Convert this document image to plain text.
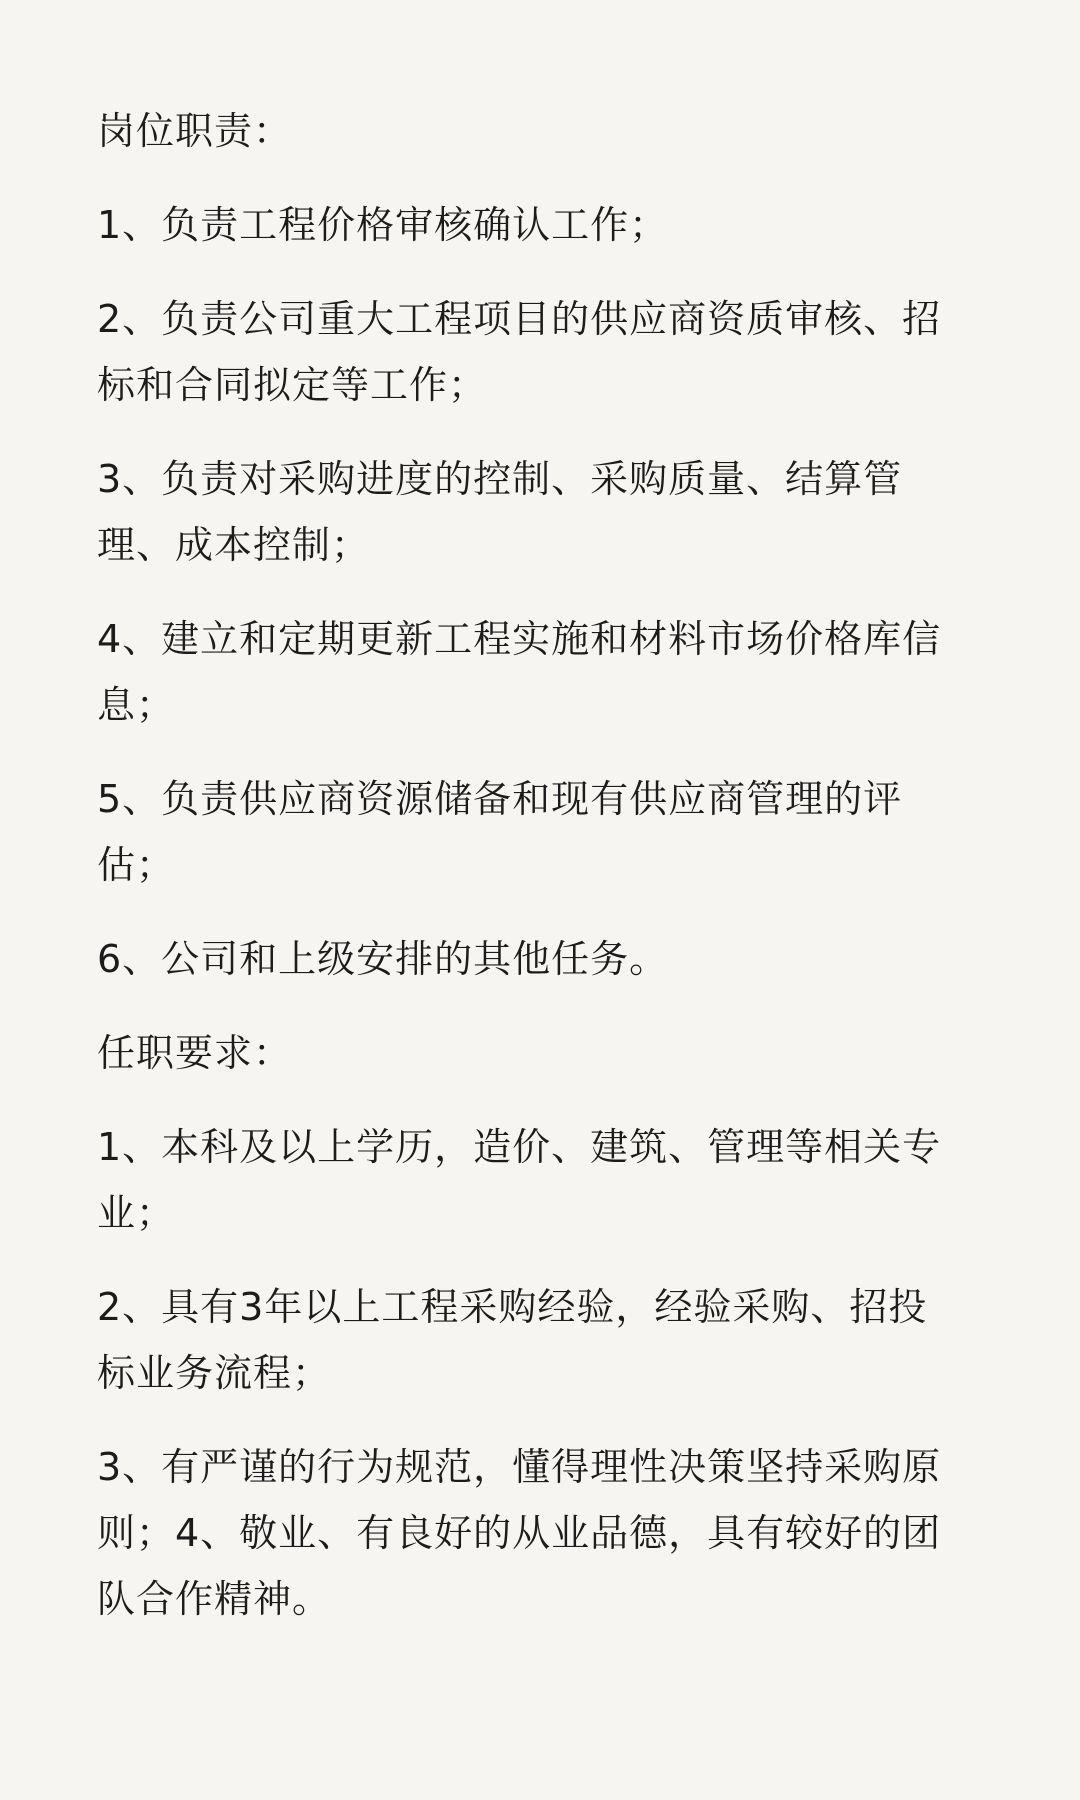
岗位职责：
1、负责工程价格审核确认工作；
2、负责公司重大工程项目的供应商资质审核、招
标和合同拟定等工作；
3、负责对采购进度的控制、采购质量、结算管
理、成本控制；
4、建立和定期更新工程实施和材料市场价格库信
息；
5、负责供应商资源储备和现有供应商管理的评
估；
6、公司和上级安排的其他任务。
任职要求：
1、本科及以上学历，造价、建筑、管理等相关专
业；
2、具有3年以上工程采购经验，经验采购、招投
标业务流程；
3、有严谨的行为规范，懂得理性决策坚持采购原
则；4、敬业、有良好的从业品德，具有较好的团
队合作精神。
